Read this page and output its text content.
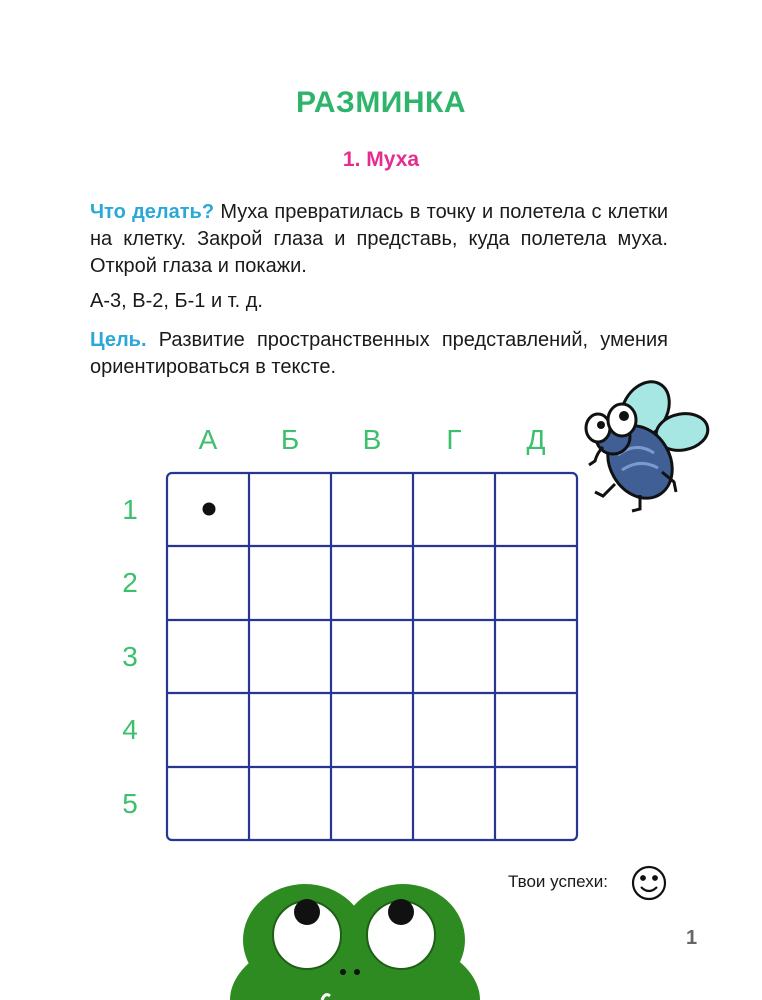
РАЗМИНКА
1. Муха
Что делать? Муха превратилась в точку и полетела с клетки на клетку. Закрой глаза и представь, куда полетела муха. Открой глаза и покажи.
А-3, В-2, Б-1 и т. д.
Цель. Развитие пространственных представлений, умения ориентироваться в тексте.
А	Б	В	Г	Д
1
2
3
4
5
Твои успехи:
1
